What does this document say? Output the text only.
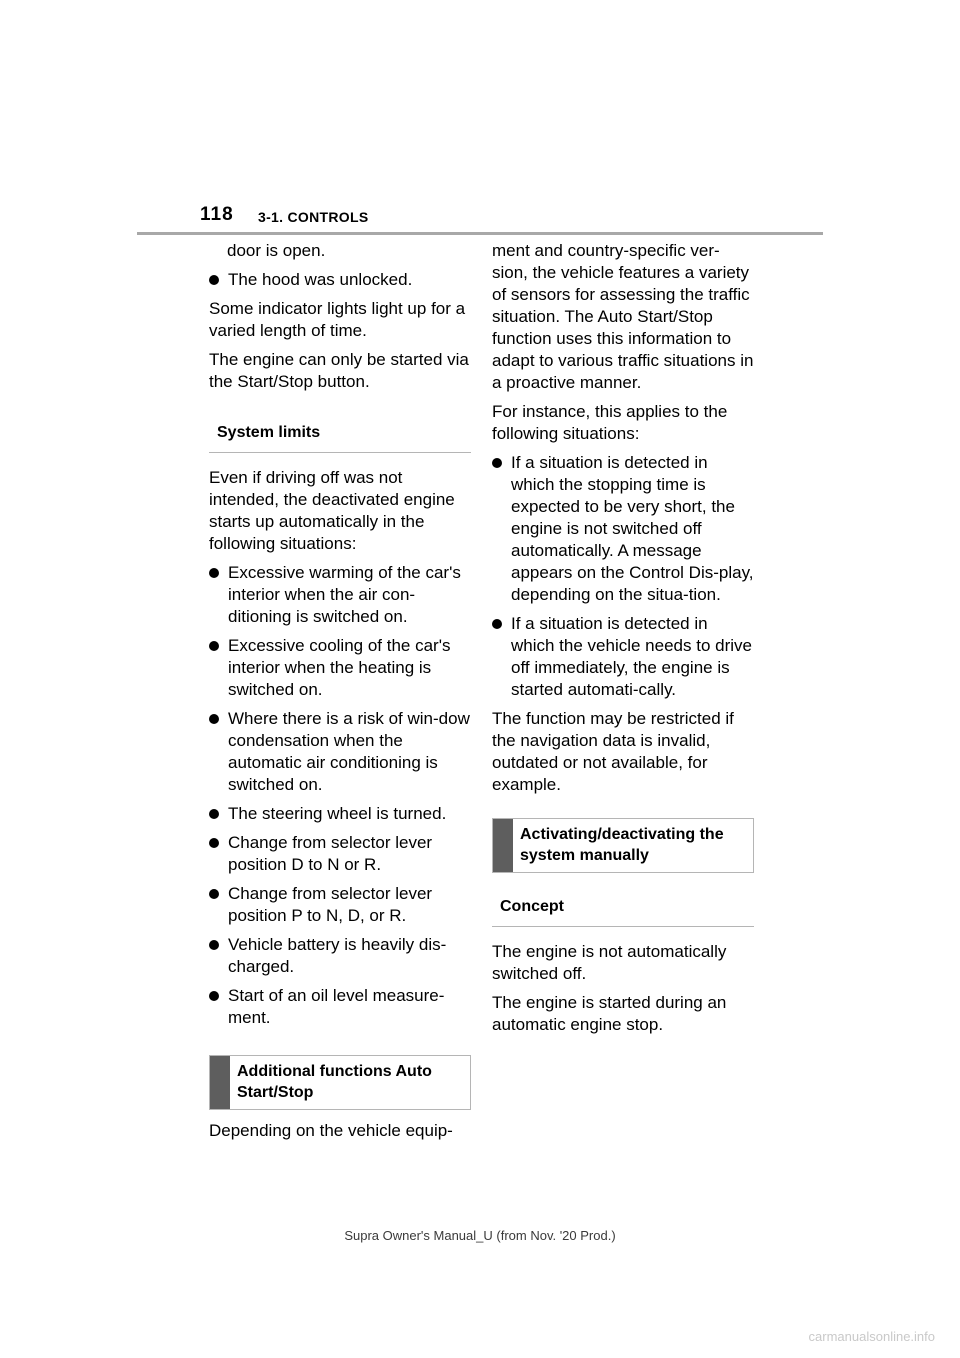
118 3-1. CONTROLS

door is open.

The hood was unlocked.

Some indicator lights light up for a varied length of time.

The engine can only be started via the Start/Stop button.

System limits

Even if driving off was not intended, the deactivated engine starts up automatically in the following situations:

Excessive warming of the car's interior when the air con-ditioning is switched on.
Excessive cooling of the car's interior when the heating is switched on.
Where there is a risk of win-dow condensation when the automatic air conditioning is switched on.
The steering wheel is turned.
Change from selector lever position D to N or R.
Change from selector lever position P to N, D, or R.
Vehicle battery is heavily dis-charged.
Start of an oil level measure-ment.
Additional functions Auto Start/Stop

Depending on the vehicle equip-

ment and country-specific ver-sion, the vehicle features a variety of sensors for assessing the traffic situation. The Auto Start/Stop function uses this information to adapt to various traffic situations in a proactive manner.

For instance, this applies to the following situations:

If a situation is detected in which the stopping time is expected to be very short, the engine is not switched off automatically. A message appears on the Control Dis-play, depending on the situa-tion.
If a situation is detected in which the vehicle needs to drive off immediately, the engine is started automati-cally.

The function may be restricted if the navigation data is invalid, outdated or not available, for example.

Activating/deactivating the system manually
Concept

The engine is not automatically switched off.

The engine is started during an automatic engine stop.

Supra Owner's Manual_U (from Nov. '20 Prod.)
carmanualsonline.info
